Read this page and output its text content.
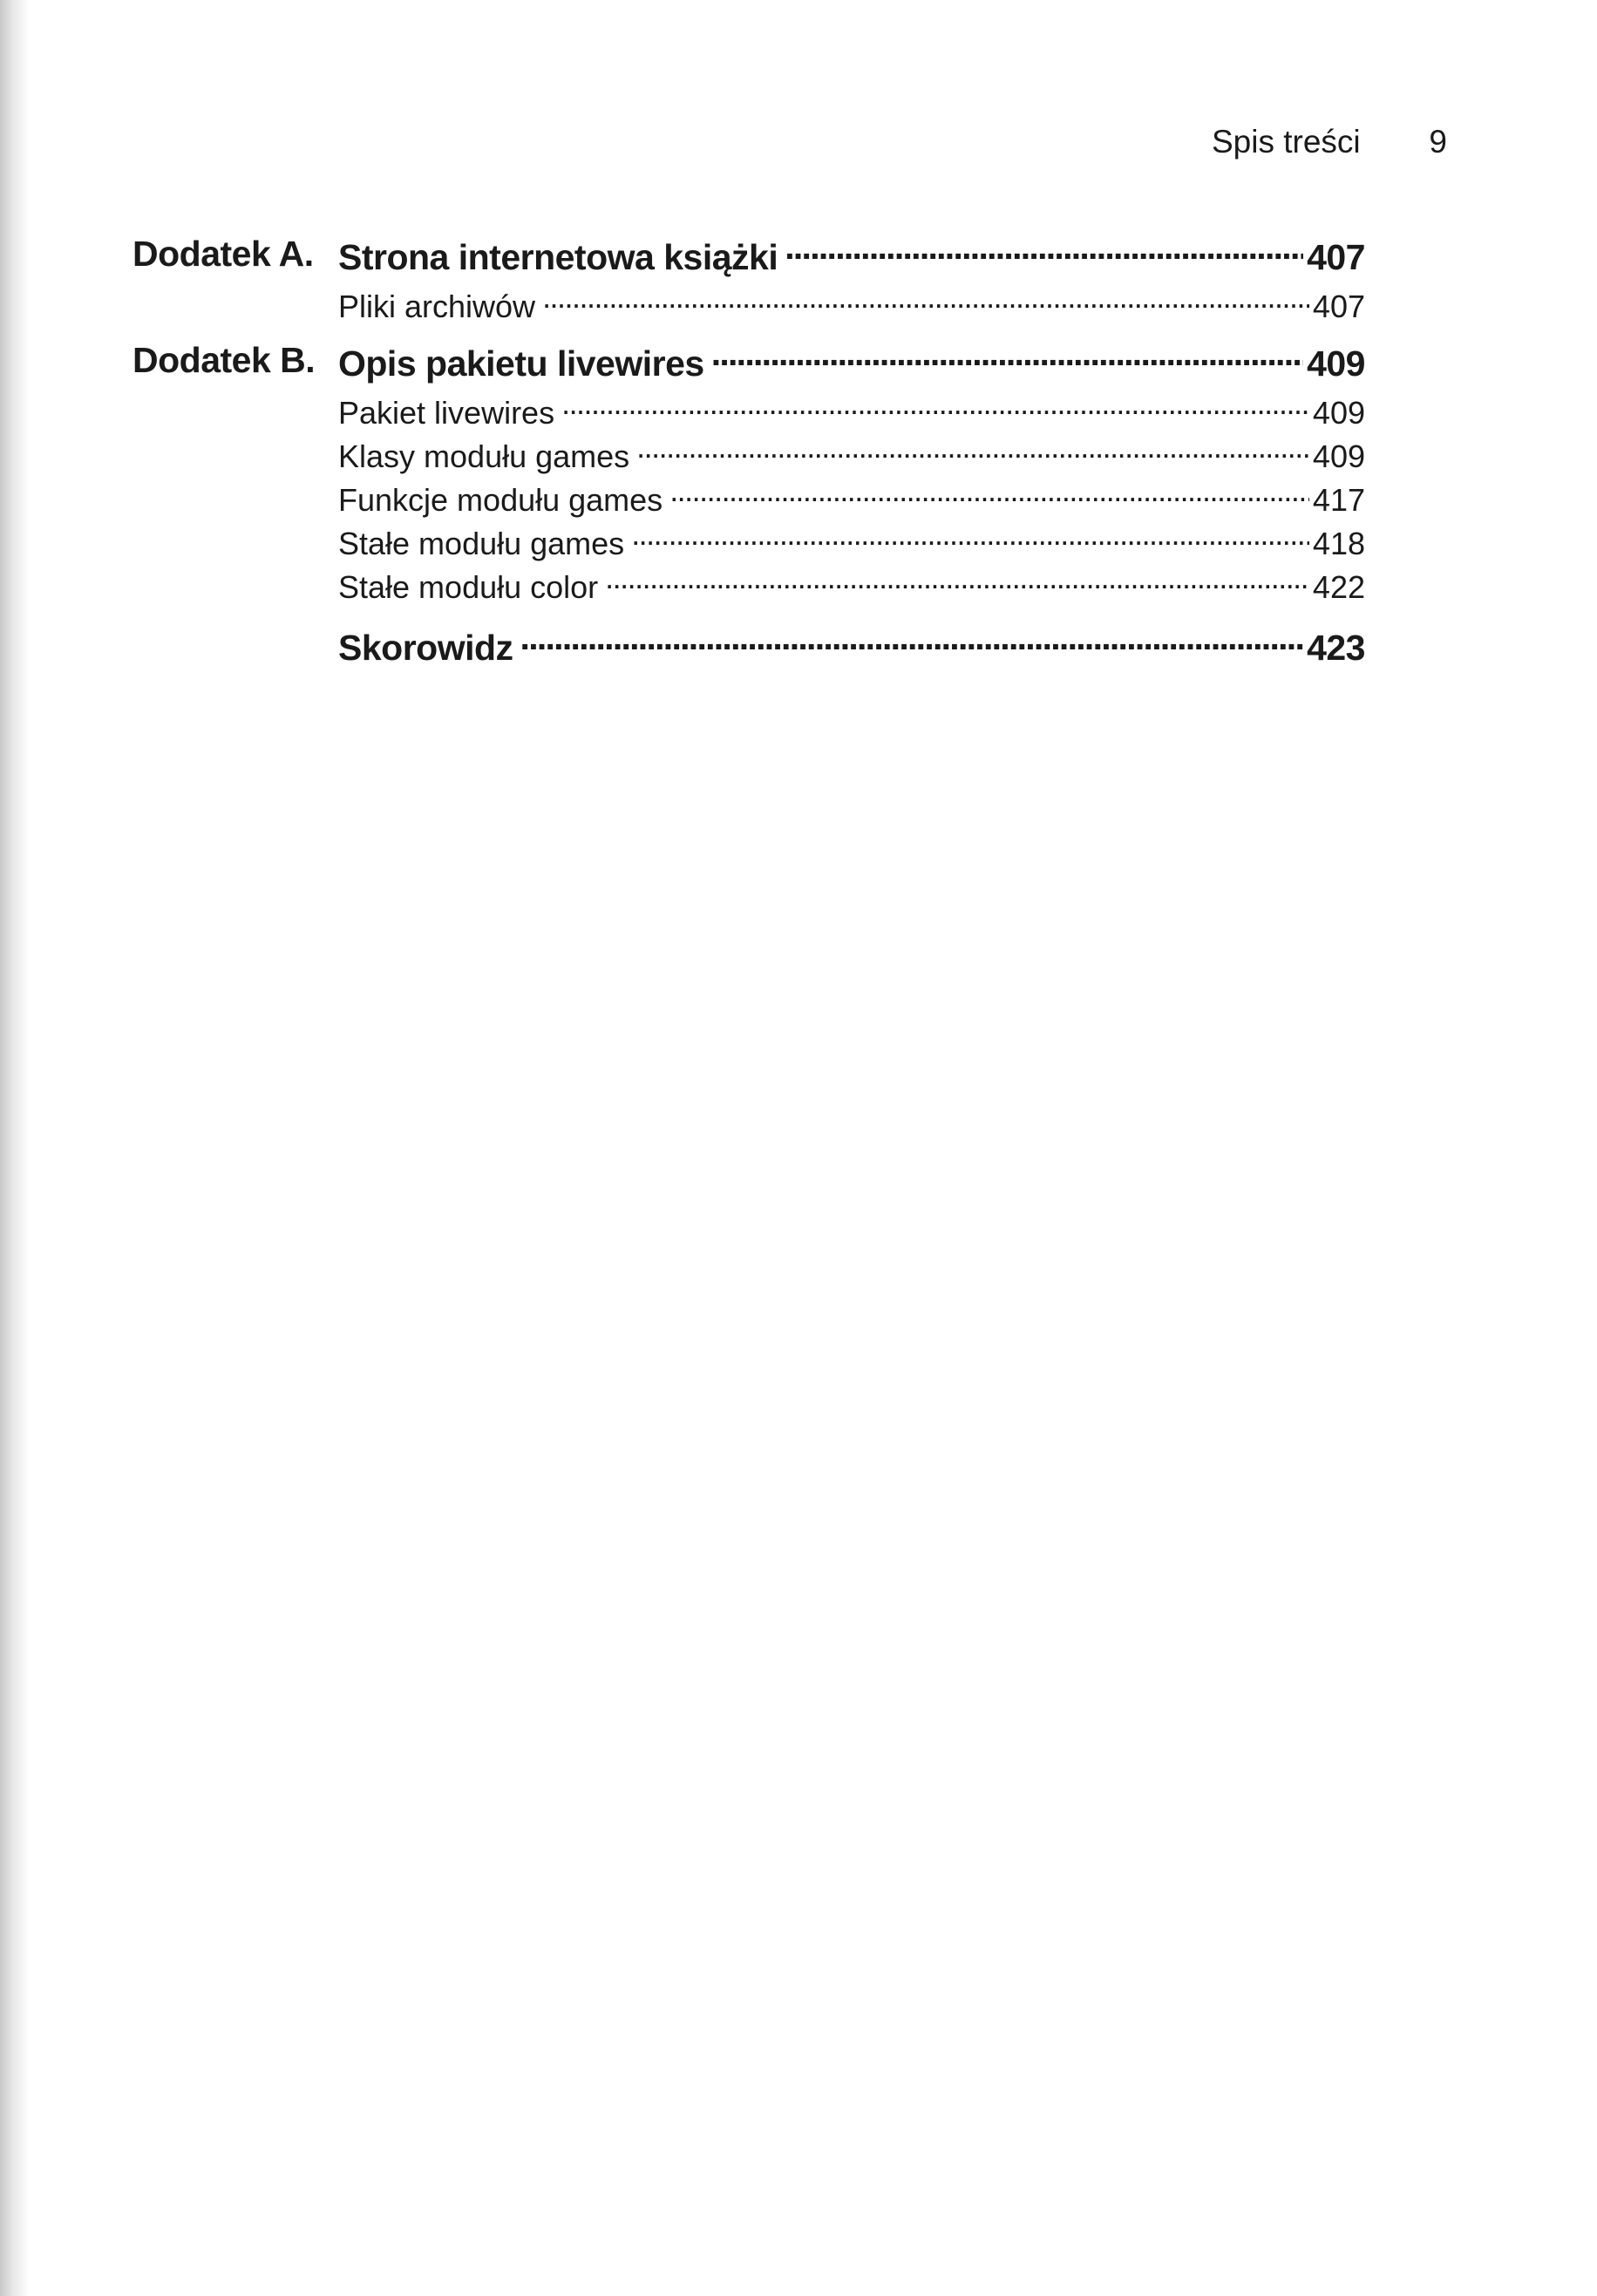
Spis treści 9
Dodatek A. Strona internetowa książki . . .	407
Pliki archiwów . . .	407
Dodatek B. Opis pakietu livewires . . .	409
Pakiet livewires . . .	409
Klasy modułu games . . .	409
Funkcje modułu games . . .	417
Stałe modułu games . . .	418
Stałe modułu color . . .	422
Skorowidz . . .	423
